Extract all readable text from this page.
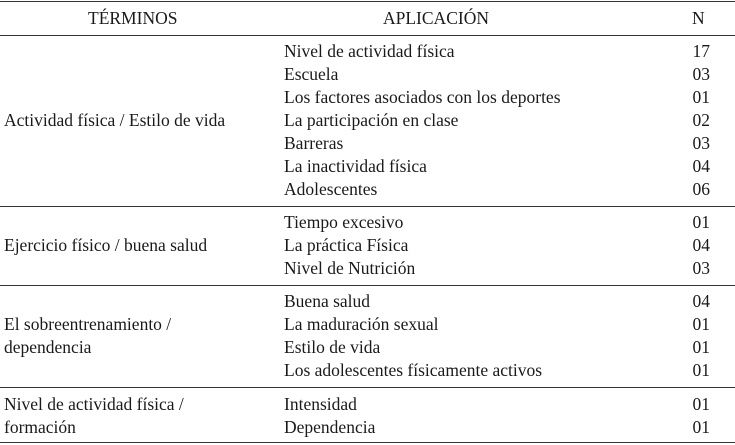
TÉRMINOS	APLICACIÓN	N
Actividad física / Estilo de vida
Nivel de actividad física	17
Escuela	03
Los factores asociados con los deportes	01
La participación en clase	02
Barreras	03
La inactividad física	04
Adolescentes	06
Ejercicio físico / buena salud
Tiempo excesivo	01
La práctica Física	04
Nivel de Nutrición	03
El sobreentrenamiento /
dependencia
Buena salud	04
La maduración sexual	01
Estilo de vida	01
Los adolescentes físicamente activos	01
Nivel de actividad física /
formación
Intensidad	01
Dependencia	01
